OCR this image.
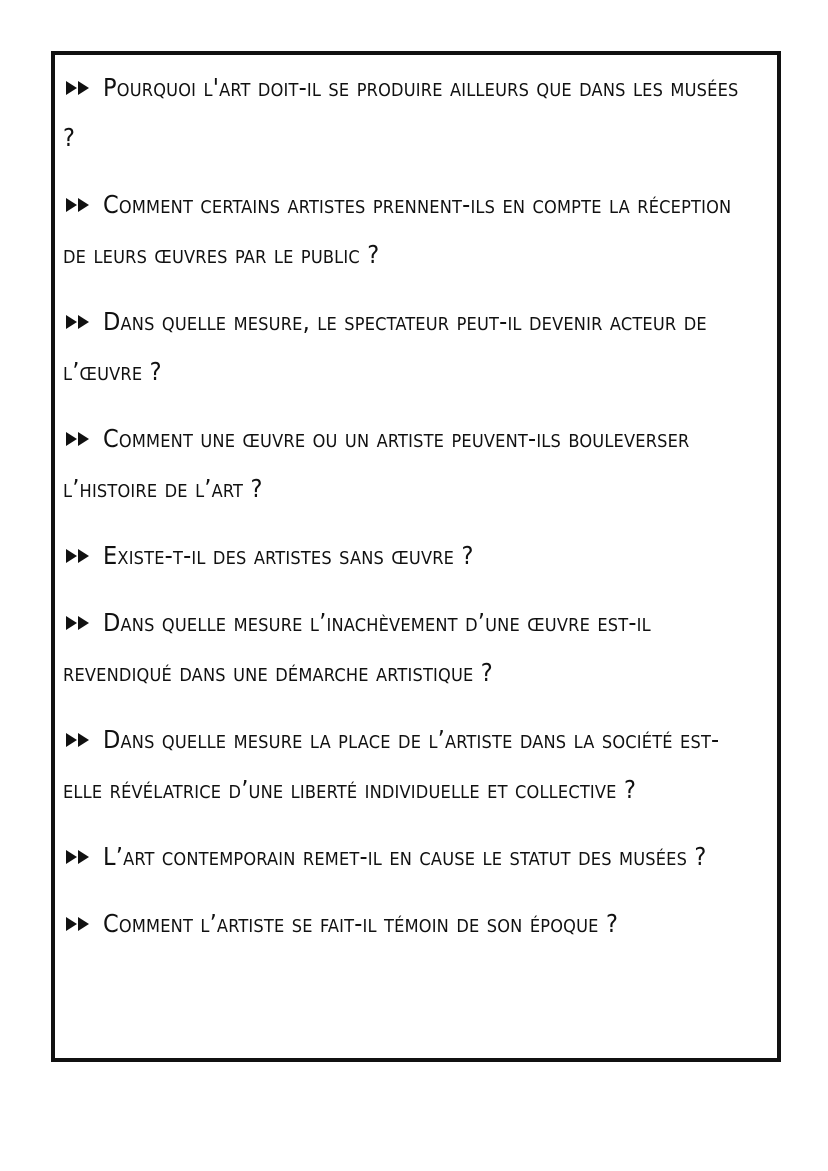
Pourquoi l'art doit-il se produire ailleurs que dans les musées ?
Comment certains artistes prennent-ils en compte la réception de leurs œuvres par le public ?
Dans quelle mesure, le spectateur peut-il devenir acteur de l’œuvre ?
Comment une œuvre ou un artiste peuvent-ils bouleverser l’histoire de l’art ?
Existe-t-il des artistes sans œuvre ?
Dans quelle mesure l’inachèvement d’une œuvre est-il revendiqué dans une démarche artistique ?
Dans quelle mesure la place de l’artiste dans la société est-elle révélatrice d’une liberté individuelle et collective ?
L’art contemporain remet-il en cause le statut des musées ?
Comment l’artiste se fait-il témoin de son époque ?
